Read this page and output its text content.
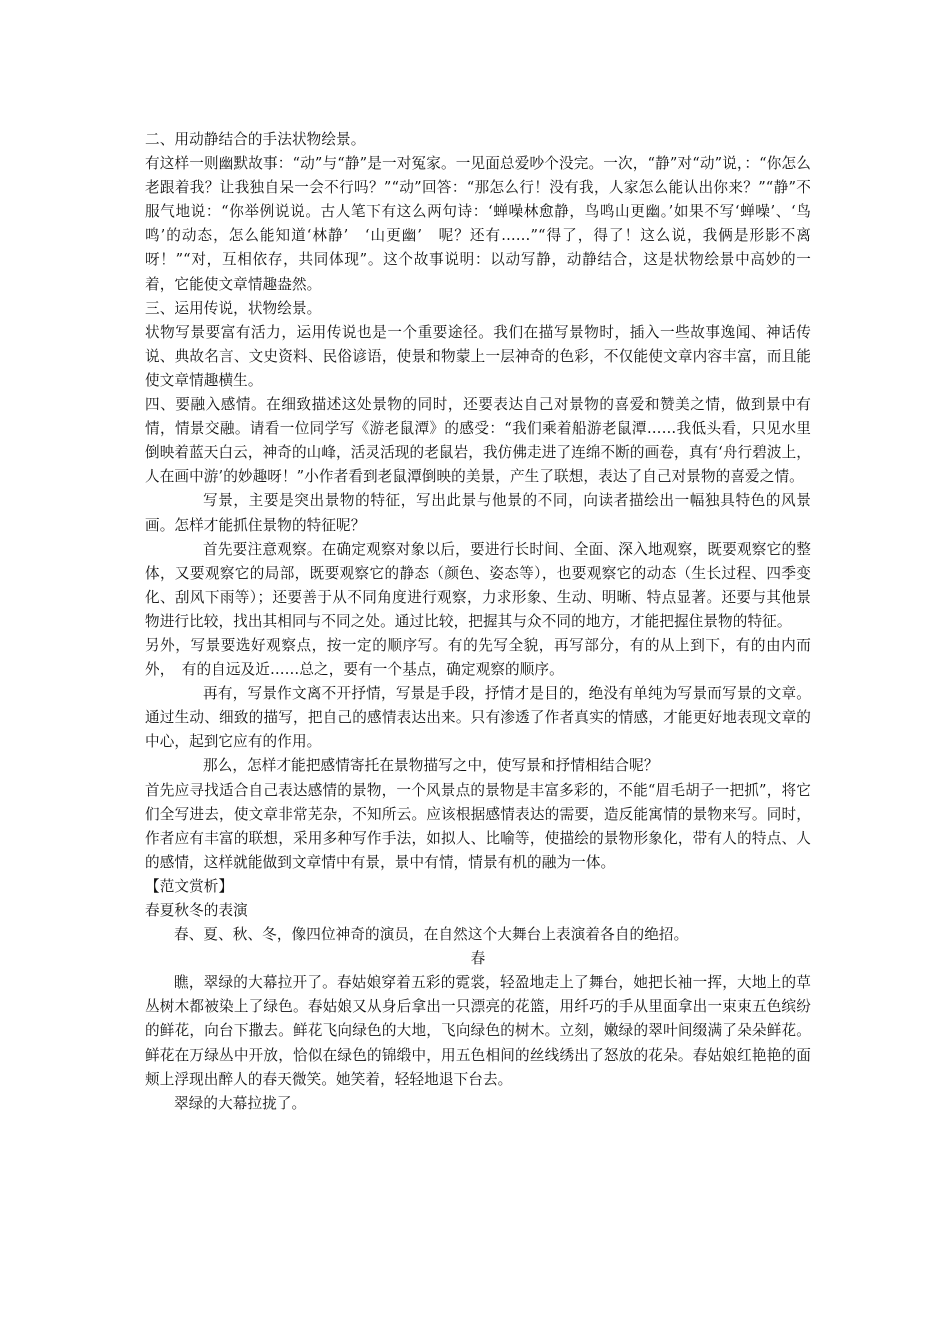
二、用动静结合的手法状物绘景。

有这样一则幽默故事：“动”与“静”是一对冤家。一见面总爱吵个没完。一次，“静”对“动”说，：“你怎么老跟着我？让我独自呆一会不行吗？”“动”回答：“那怎么行！没有我，人家怎么能认出你来？”“静”不服气地说：“你举例说说。古人笔下有这么两句诗：‘蝉噪林愈静，鸟鸣山更幽。’如果不写‘蝉噪’、‘鸟鸣’的动态，怎么能知道‘林静’　‘山更幽’　呢？还有……”“得了，得了！这么说，我俩是形影不离呀！”“对，互相依存，共同体现”。这个故事说明：以动写静，动静结合，这是状物绘景中高妙的一着，它能使文章情趣盎然。

三、运用传说，状物绘景。

状物写景要富有活力，运用传说也是一个重要途径。我们在描写景物时，插入一些故事逸闻、神话传说、典故名言、文史资料、民俗谚语，使景和物蒙上一层神奇的色彩，不仅能使文章内容丰富，而且能使文章情趣横生。

四、要融入感情。在细致描述这处景物的同时，还要表达自己对景物的喜爱和赞美之情，做到景中有情，情景交融。请看一位同学写《游老鼠潭》的感受：“我们乘着船游老鼠潭……我低头看，只见水里倒映着蓝天白云，神奇的山峰，活灵活现的老鼠岩，我仿佛走进了连绵不断的画卷，真有‘舟行碧波上，人在画中游’的妙趣呀！”小作者看到老鼠潭倒映的美景，产生了联想，表达了自己对景物的喜爱之情。

写景，主要是突出景物的特征，写出此景与他景的不同，向读者描绘出一幅独具特色的风景画。怎样才能抓住景物的特征呢？

首先要注意观察。在确定观察对象以后，要进行长时间、全面、深入地观察，既要观察它的整体，又要观察它的局部，既要观察它的静态（颜色、姿态等），也要观察它的动态（生长过程、四季变化、刮风下雨等）；还要善于从不同角度进行观察，力求形象、生动、明晰、特点显著。还要与其他景物进行比较，找出其相同与不同之处。通过比较，把握其与众不同的地方，才能把握住景物的特征。

另外，写景要选好观察点，按一定的顺序写。有的先写全貌，再写部分，有的从上到下，有的由内而外，　有的自远及近……总之，要有一个基点，确定观察的顺序。

再有，写景作文离不开抒情，写景是手段，抒情才是目的，绝没有单纯为写景而写景的文章。通过生动、细致的描写，把自己的感情表达出来。只有渗透了作者真实的情感，才能更好地表现文章的中心，起到它应有的作用。

那么，怎样才能把感情寄托在景物描写之中，使写景和抒情相结合呢？

首先应寻找适合自己表达感情的景物，一个风景点的景物是丰富多彩的，不能“眉毛胡子一把抓”，将它们全写进去，使文章非常芜杂，不知所云。应该根据感情表达的需要，造反能寓情的景物来写。同时，作者应有丰富的联想，采用多种写作手法，如拟人、比喻等，使描绘的景物形象化，带有人的特点、人的感情，这样就能做到文章情中有景，景中有情，情景有机的融为一体。

【范文赏析】

春夏秋冬的表演

春、夏、秋、冬，像四位神奇的演员，在自然这个大舞台上表演着各自的绝招。

春

瞧，翠绿的大幕拉开了。春姑娘穿着五彩的霓裳，轻盈地走上了舞台，她把长袖一挥，大地上的草丛树木都被染上了绿色。春姑娘又从身后拿出一只漂亮的花篮，用纤巧的手从里面拿出一束束五色缤纷的鲜花，向台下撒去。鲜花飞向绿色的大地，飞向绿色的树木。立刻，嫩绿的翠叶间缀满了朵朵鲜花。鲜花在万绿丛中开放，恰似在绿色的锦缎中，用五色相间的丝线绣出了怒放的花朵。春姑娘红艳艳的面颊上浮现出醉人的春天微笑。她笑着，轻轻地退下台去。

翠绿的大幕拉拢了。
